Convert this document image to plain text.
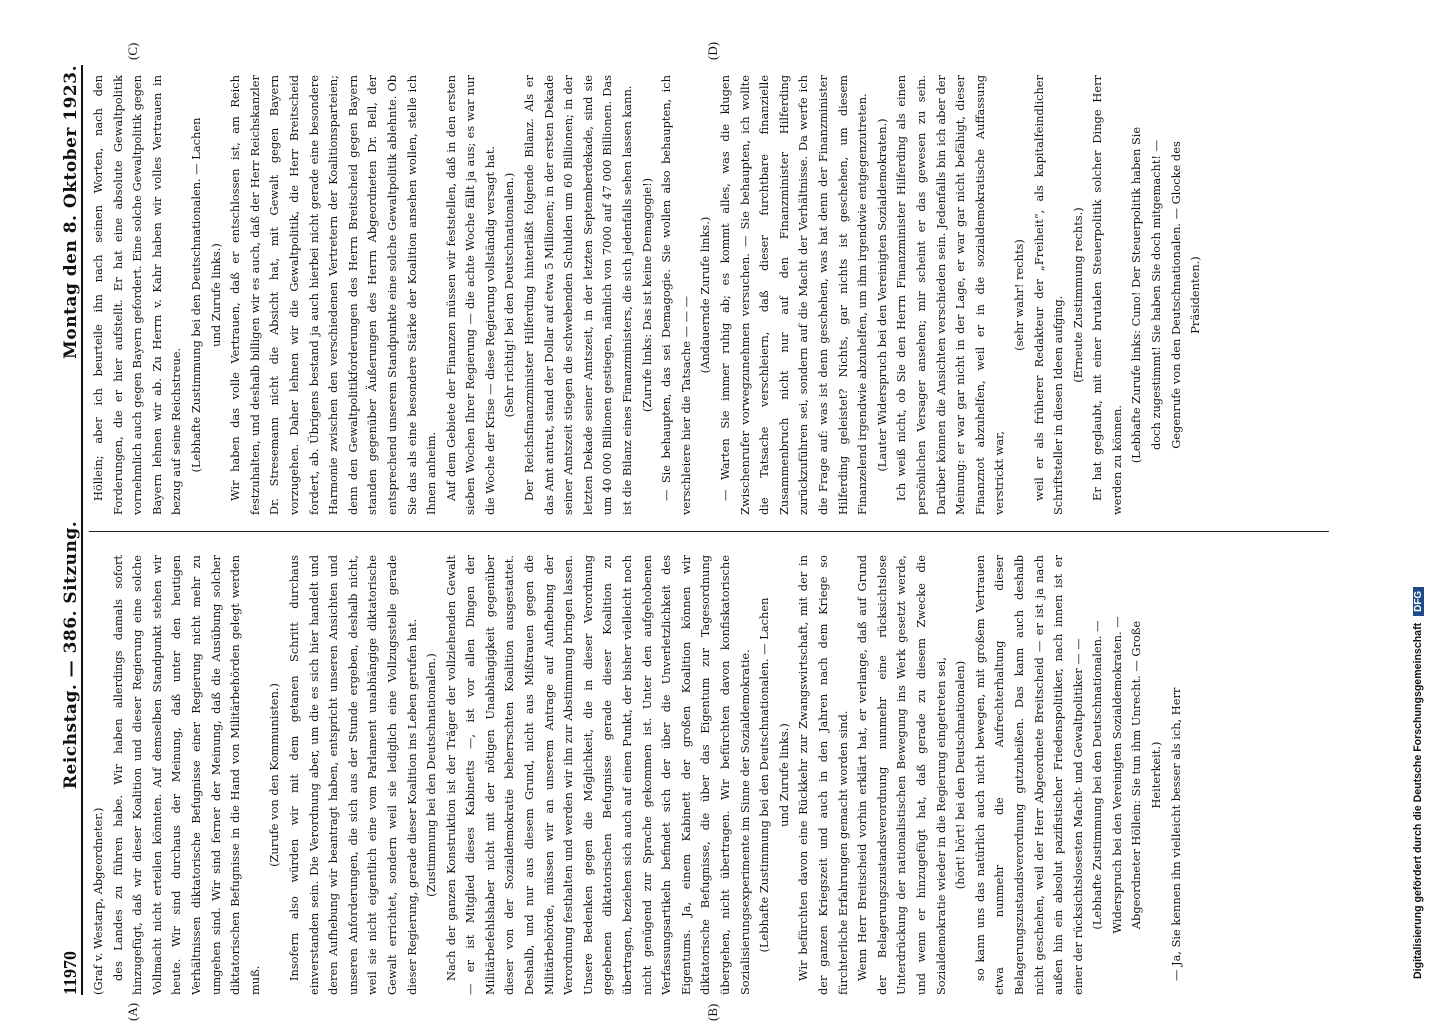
11970
Reichstag. — 386. Sitzung.
Montag den 8. Oktober 1923.
(A)	(B)
(C)	(D)

(Graf v. Westarp, Abgeordneter.) des Landes zu führen habe. Wir haben allerdings damals sofort hinzugefügt, daß wir dieser Koalition und dieser Regierung eine solche Vollmacht nicht erteilen könnten. Auf demselben Standpunkt stehen wir heute. Wir sind durchaus der Meinung, daß unter den heutigen Verhältnissen diktatorische Befugnisse einer Regierung nicht mehr zu umgehen sind. Wir sind ferner der Meinung, daß die Ausübung solcher diktatorischen Befugnisse in die Hand von Militärbehörden gelegt werden muß.

(Zurufe von den Kommunisten.) Insofern also würden wir mit dem getanen Schritt durchaus einverstanden sein. Die Verordnung aber, um die es sich hier handelt und deren Aufhebung wir beantragt haben, entspricht unseren Ansichten und unseren Anforderungen, die sich aus der Stunde ergeben, deshalb nicht, weil sie nicht eigentlich eine vom Parlament unabhängige diktatorische Gewalt errichtet, sondern weil sie lediglich eine Vollzugsstelle gerade dieser Regierung, gerade dieser Koalition ins Leben gerufen hat. (Zustimmung bei den Deutschnationalen.) Nach der ganzen Konstruktion ist der Träger der vollziehenden Gewalt — er ist Mitglied dieses Kabinetts —, ist vor allen Dingen der Militärbefehlshaber nicht mit der nötigen Unabhängigkeit gegenüber dieser von der Sozialdemokratie beherrschten Koalition ausgestattet. Deshalb, und nur aus diesem Grund, nicht aus Mißtrauen gegen die Militärbehörde, müssen wir an unserem Antrage auf Aufhebung der Verordnung festhalten und werden wir ihn zur Abstimmung bringen lassen. Unsere Bedenken gegen die Möglichkeit, die in dieser Verordnung gegebenen diktatorischen Befugnisse gerade dieser Koalition zu übertragen, beziehen sich auch auf einen Punkt, der bisher vielleicht noch nicht genügend zur Sprache gekommen ist. Unter den aufgehobenen Verfassungsartikeln befindet sich der über die Unverletzlichkeit des Eigentums. Ja, einem Kabinett der großen Koalition können wir diktatorische Befugnisse, die über das Eigentum zur Tagesordnung übergehen, nicht übertragen. Wir befürchten davon konfiskatorische Sozialisierungsexperimente im Sinne der Sozialdemokratie. (Lebhafte Zustimmung bei den Deutschnationalen. — Lachen und Zurufe links.) Wir befürchten davon eine Rückkehr zur Zwangswirtschaft, mit der in der ganzen Kriegszeit und auch in den Jahren nach dem Kriege so fürchterliche Erfahrungen gemacht worden sind. Wenn Herr Breitscheid vorhin erklärt hat, er verlange, daß auf Grund der Belagerungszustandsverordnung nunmehr eine rücksichtslose Unterdrückung der nationalistischen Bewegung ins Werk gesetzt werde, und wenn er hinzugefügt hat, daß gerade zu diesem Zwecke die Sozialdemokratie wieder in die Regierung eingetreten sei, (hört! hört! bei den Deutschnationalen) so kann uns das natürlich auch nicht bewegen, mit großem Vertrauen etwa nunmehr die Aufrechterhaltung dieser Belagerungszustandsverordnung gutzuheißen. Das kann auch deshalb nicht geschehen, weil der Herr Abgeordnete Breitscheid — er ist ja nach außen hin ein absolut pazifistischer Friedenspolitiker, nach innen ist er einer der rücksichtslosesten Macht- und Gewaltpolitiker — — (Lebhafte Zustimmung bei den Deutschnationalen. — Widerspruch bei den Vereinigten Sozialdemokraten. — Abgeordneter Höllein: Sie tun ihm Unrecht. — Große Heiterkeit.) — Ja, Sie kennen ihn vielleicht besser als ich, Herr

Höllein; aber ich beurteile ihn nach seinen Worten, nach den Forderungen, die er hier aufstellt. Er hat eine absolute Gewaltpolitik vornehmlich auch gegen Bayern gefordert. Eine solche Gewaltpolitik gegen Bayern lehnen wir ab. Zu Herrn v. Kahr haben wir volles Vertrauen in bezug auf seine Reichstreue. (Lebhafte Zustimmung bei den Deutschnationalen. — Lachen und Zurufe links.) Wir haben das volle Vertrauen, daß er entschlossen ist, am Reich festzuhalten, und deshalb billigen wir es auch, daß der Herr Reichskanzler Dr. Stresemann nicht die Absicht hat, mit Gewalt gegen Bayern vorzugehen. Daher lehnen wir die Gewaltpolitik, die Herr Breitscheid fordert, ab. Übrigens bestand ja auch hierbei nicht gerade eine besondere Harmonie zwischen den verschiedenen Vertretern der Koalitionsparteien; denn den Gewaltpolitikforderungen des Herrn Breitscheid gegen Bayern standen gegenüber Äußerungen des Herrn Abgeordneten Dr. Bell, der entsprechend unserem Standpunkte eine solche Gewaltpolitik ablehnte. Ob Sie das als eine besondere Stärke der Koalition ansehen wollen, stelle ich Ihnen anheim. Auf dem Gebiete der Finanzen müssen wir feststellen, daß in den ersten sieben Wochen Ihrer Regierung — die achte Woche fällt ja aus; es war nur die Woche der Krise — diese Regierung vollständig versagt hat. (Sehr richtig! bei den Deutschnationalen.) Der Reichsfinanzminister Hilferding hinterläßt folgende Bilanz. Als er das Amt antrat, stand der Dollar auf etwa 5 Millionen; in der ersten Dekade seiner Amtszeit stiegen die schwebenden Schulden um 60 Billionen; in der letzten Dekade seiner Amtszeit, in der letzten Septemberdekade, sind sie um 40 000 Billionen gestiegen, nämlich von 7000 auf 47 000 Billionen. Das ist die Bilanz eines Finanzministers, die sich jedenfalls sehen lassen kann. (Zurufe links: Das ist keine Demagogie!) — Sie behaupten, das sei Demagogie. Sie wollen also behaupten, ich verschleiere hier die Tatsache — — —

(Andauernde Zurufe links.) — Warten Sie immer ruhig ab; es kommt alles, was die klugen Zwischenrufer vorwegzunehmen versuchen. — Sie behaupten, ich wollte die Tatsache verschleiern, daß dieser furchtbare finanzielle Zusammenbruch nicht nur auf den Finanzminister Hilferding zurückzuführen sei, sondern auf die Macht der Verhältnisse. Da werfe ich die Frage auf: was ist denn geschehen, was hat denn der Finanzminister Hilferding geleistet? Nichts, gar nichts ist geschehen, um diesem Finanzelend irgendwie abzuhelfen, um ihm irgendwie entgegenzutreten. (Lauter Widerspruch bei den Vereinigten Sozialdemokraten.) Ich weiß nicht, ob Sie den Herrn Finanzminister Hilferding als einen persönlichen Versager ansehen; mir scheint er das gewesen zu sein. Darüber können die Ansichten verschieden sein. Jedenfalls bin ich aber der Meinung: er war gar nicht in der Lage, er war gar nicht befähigt, dieser Finanznot abzuhelfen, weil er in die sozialdemokratische Auffassung verstrickt war,

(sehr wahr! rechts) weil er als früherer Redakteur der „Freiheit“, als kapitalfeindlicher Schriftsteller in diesen Ideen aufging.

(Erneute Zustimmung rechts.) Er hat geglaubt, mit einer brutalen Steuerpolitik solcher Dinge Herr werden zu können. (Lebhafte Zurufe links: Cuno! Der Steuerpolitik haben Sie doch zugestimmt! Sie haben Sie doch mitgemacht! — Gegenrufe von den Deutschnationalen. — Glocke des Präsidenten.)

Digitalisierung gefördert durch die Deutsche Forschungsgemeinschaft DFG
